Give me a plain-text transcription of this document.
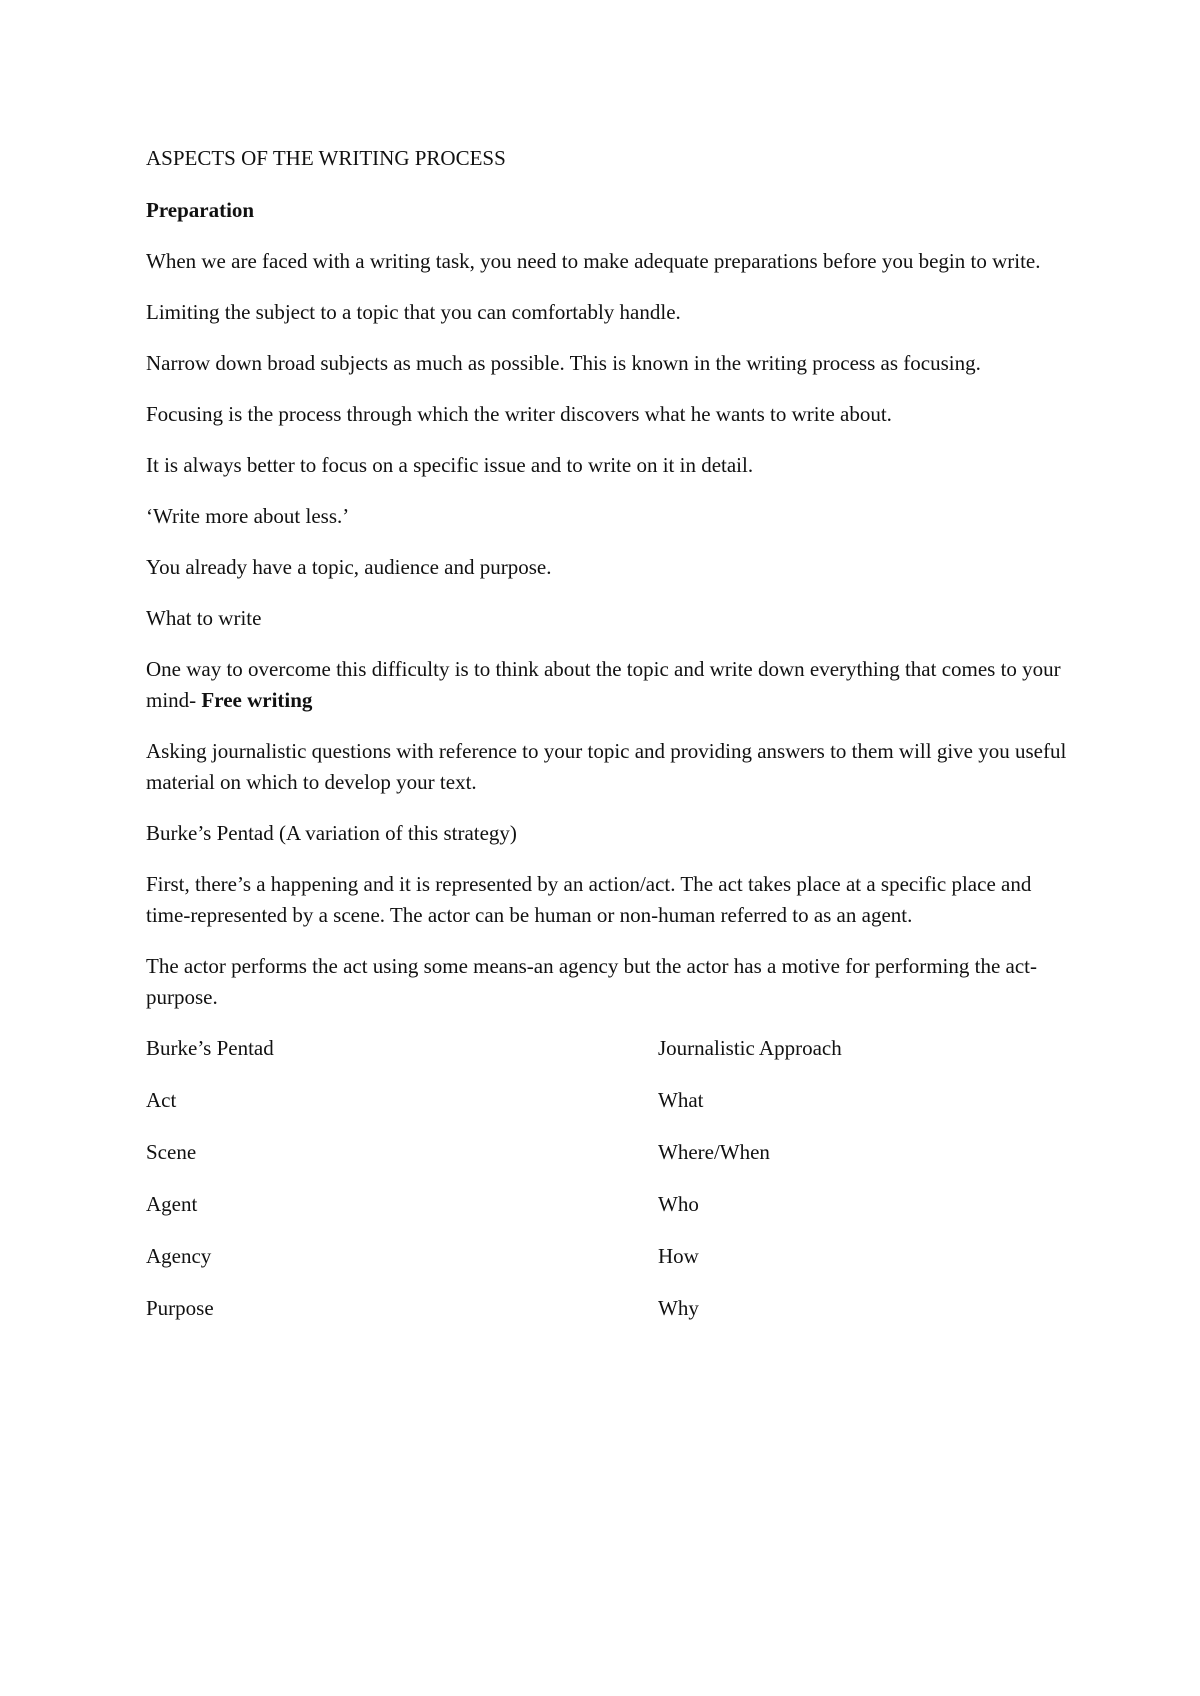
ASPECTS OF THE WRITING PROCESS
Preparation

When we are faced with a writing task, you need to make adequate preparations before you begin to write.

Limiting the subject to a topic that you can comfortably handle.

Narrow down broad subjects as much as possible. This is known in the writing process as focusing.

Focusing is the process through which the writer discovers what he wants to write about.

It is always better to focus on a specific issue and to write on it in detail.

‘Write more about less.’

You already have a topic, audience and purpose.

What to write

One way to overcome this difficulty is to think about the topic and write down everything that comes to your mind- Free writing

Asking journalistic questions with reference to your topic and providing answers to them will give you useful material on which to develop your text.

Burke’s Pentad (A variation of this strategy)

First, there’s a happening and it is represented by an action/act. The act takes place at a specific place and time-represented by a scene. The actor can be human or non-human referred to as an agent.

The actor performs the act using some means-an agency but the actor has a motive for performing the act-purpose.

Burke’s Pentad	Journalistic Approach
Act	What
Scene	Where/When
Agent	Who
Agency	How
Purpose	Why
